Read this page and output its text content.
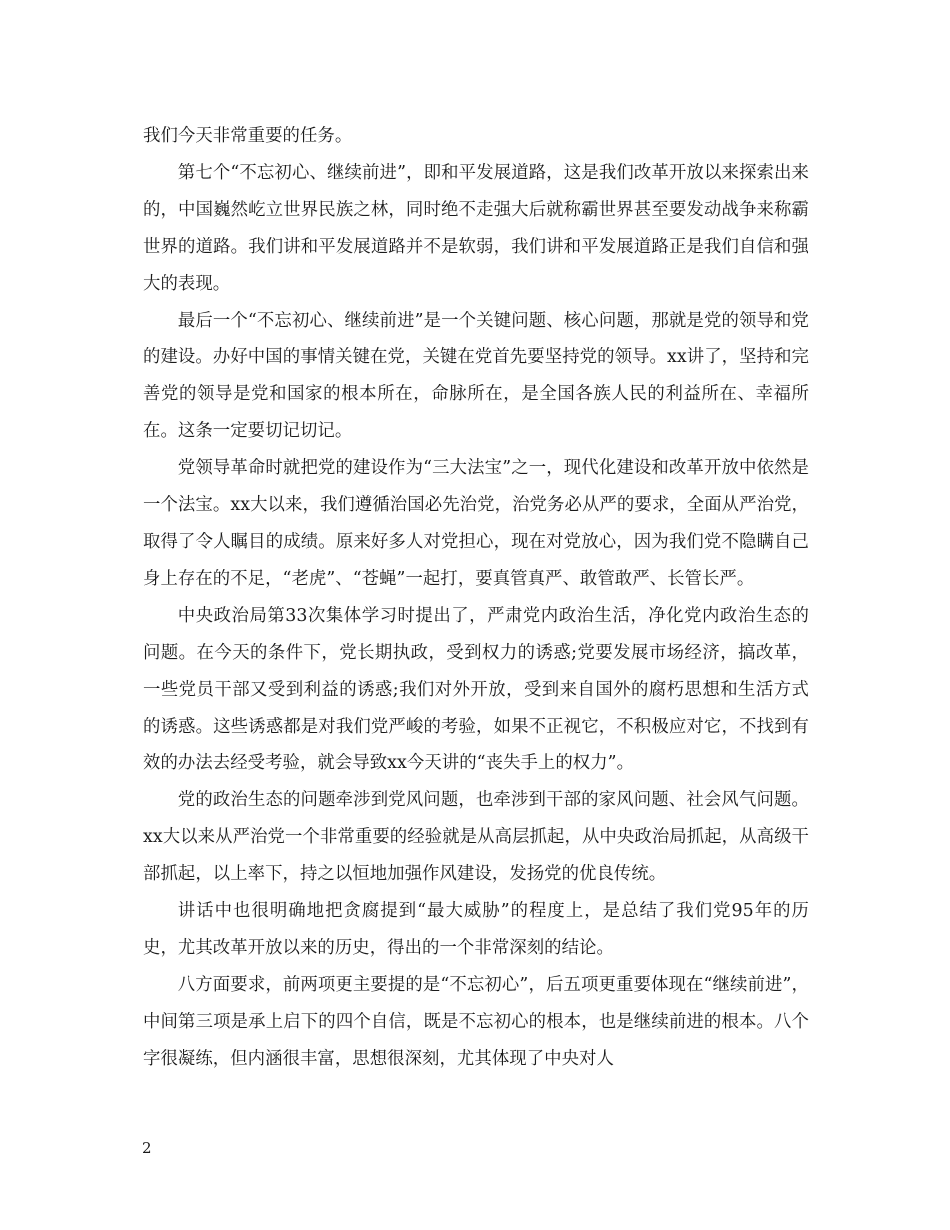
我们今天非常重要的任务。

第七个“不忘初心、继续前进”，即和平发展道路，这是我们改革开放以来探索出来的，中国巍然屹立世界民族之林，同时绝不走强大后就称霸世界甚至要发动战争来称霸世界的道路。我们讲和平发展道路并不是软弱，我们讲和平发展道路正是我们自信和强大的表现。

最后一个“不忘初心、继续前进”是一个关键问题、核心问题，那就是党的领导和党的建设。办好中国的事情关键在党，关键在党首先要坚持党的领导。xx讲了，坚持和完善党的领导是党和国家的根本所在，命脉所在，是全国各族人民的利益所在、幸福所在。这条一定要切记切记。

党领导革命时就把党的建设作为“三大法宝”之一，现代化建设和改革开放中依然是一个法宝。xx大以来，我们遵循治国必先治党，治党务必从严的要求，全面从严治党，取得了令人瞩目的成绩。原来好多人对党担心，现在对党放心，因为我们党不隐瞒自己身上存在的不足，“老虎”、“苍蝇”一起打，要真管真严、敢管敢严、长管长严。

中央政治局第33次集体学习时提出了，严肃党内政治生活，净化党内政治生态的问题。在今天的条件下，党长期执政，受到权力的诱惑;党要发展市场经济，搞改革，一些党员干部又受到利益的诱惑;我们对外开放，受到来自国外的腐朽思想和生活方式的诱惑。这些诱惑都是对我们党严峻的考验，如果不正视它，不积极应对它，不找到有效的办法去经受考验，就会导致xx今天讲的“丧失手上的权力”。

党的政治生态的问题牵涉到党风问题，也牵涉到干部的家风问题、社会风气问题。xx大以来从严治党一个非常重要的经验就是从高层抓起，从中央政治局抓起，从高级干部抓起，以上率下，持之以恒地加强作风建设，发扬党的优良传统。

讲话中也很明确地把贪腐提到“最大威胁”的程度上，是总结了我们党95年的历史，尤其改革开放以来的历史，得出的一个非常深刻的结论。

八方面要求，前两项更主要提的是“不忘初心”，后五项更重要体现在“继续前进”，中间第三项是承上启下的四个自信，既是不忘初心的根本，也是继续前进的根本。八个字很凝练，但内涵很丰富，思想很深刻，尤其体现了中央对人

2
